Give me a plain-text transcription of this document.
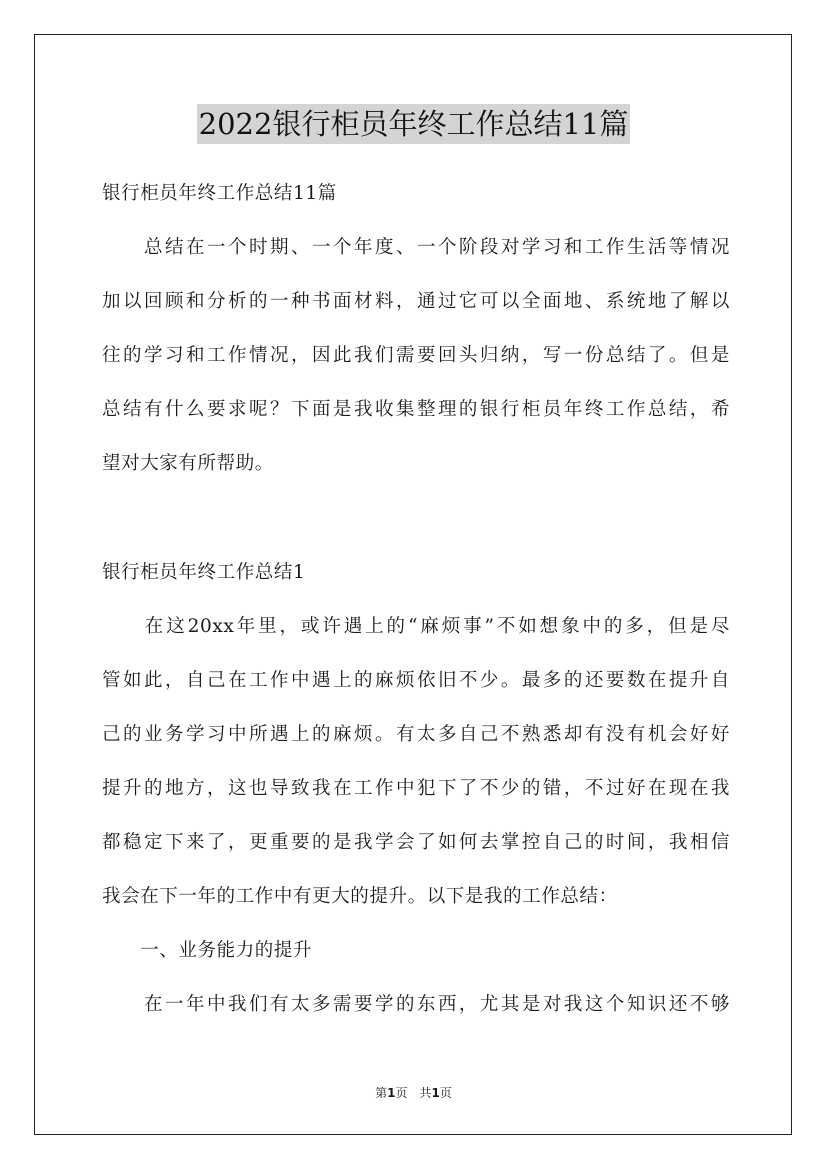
2022银行柜员年终工作总结11篇
银行柜员年终工作总结11篇
　　总结在一个时期、一个年度、一个阶段对学习和工作生活等情况
加以回顾和分析的一种书面材料，通过它可以全面地、系统地了解以
往的学习和工作情况，因此我们需要回头归纳，写一份总结了。但是
总结有什么要求呢？下面是我收集整理的银行柜员年终工作总结，希
望对大家有所帮助。
银行柜员年终工作总结1
　　在这20xx年里，或许遇上的“麻烦事”不如想象中的多，但是尽
管如此，自己在工作中遇上的麻烦依旧不少。最多的还要数在提升自
己的业务学习中所遇上的麻烦。有太多自己不熟悉却有没有机会好好
提升的地方，这也导致我在工作中犯下了不少的错，不过好在现在我
都稳定下来了，更重要的是我学会了如何去掌控自己的时间，我相信
我会在下一年的工作中有更大的提升。以下是我的工作总结：
　　一、业务能力的提升
　　在一年中我们有太多需要学的东西，尤其是对我这个知识还不够
第1页　共1页
